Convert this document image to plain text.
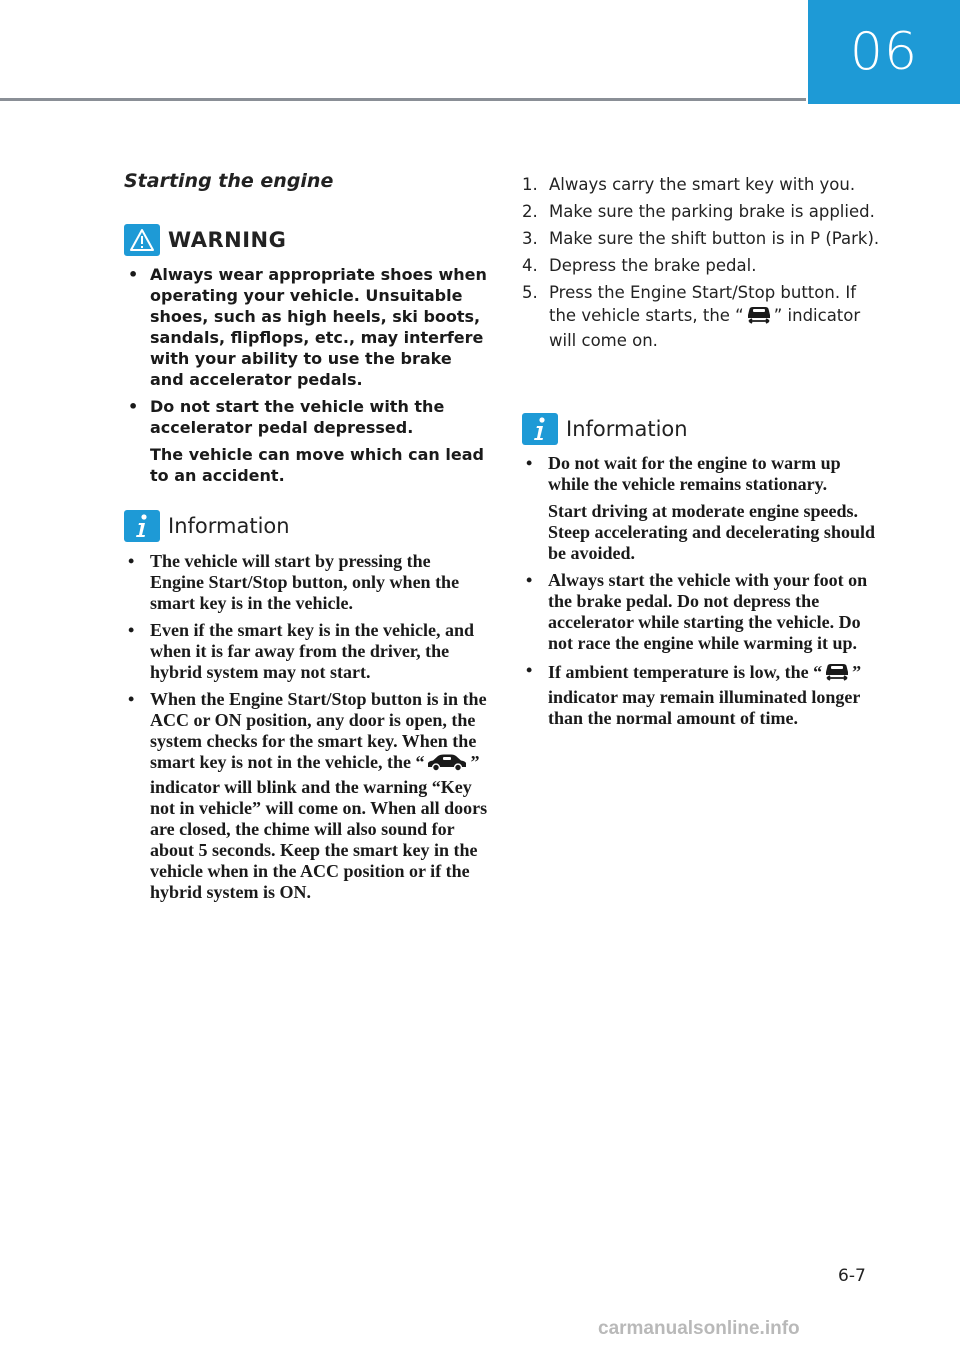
06
Starting the engine
WARNING
• Always wear appropriate shoes when operating your vehicle. Unsuitable shoes, such as high heels, ski boots, sandals, flipflops, etc., may interfere with your ability to use the brake and accelerator pedals.

• Do not start the vehicle with the accelerator pedal depressed.

The vehicle can move which can lead to an accident.

Information
• The vehicle will start by pressing the Engine Start/Stop button, only when the smart key is in the vehicle.

• Even if the smart key is in the vehicle, and when it is far away from the driver, the hybrid system may not start.

• When the Engine Start/Stop button is in the ACC or ON position, any door is open, the system checks for the smart key. When the smart key is not in the vehicle, the “	” indicator will blink and the warning “Key not in vehicle” will come on. When all doors are closed, the chime will also sound for about 5 seconds. Keep the smart key in the vehicle when in the ACC position or if the hybrid system is ON.

1. Always carry the smart key with you.
2. Make sure the parking brake is applied.
3. Make sure the shift button is in P (Park).
4. Depress the brake pedal.
5. Press the Engine Start/Stop button. If the vehicle starts, the “ ” indicator will come on.
Information
• Do not wait for the engine to warm up while the vehicle remains stationary.

Start driving at moderate engine speeds. Steep accelerating and decelerating should be avoided.

• Always start the vehicle with your foot on the brake pedal. Do not depress the accelerator while starting the vehicle. Do not race the engine while warming it up.

• If ambient temperature is low, the “ ” indicator may remain illuminated longer than the normal amount of time.

6-7
carmanualsonline.info
